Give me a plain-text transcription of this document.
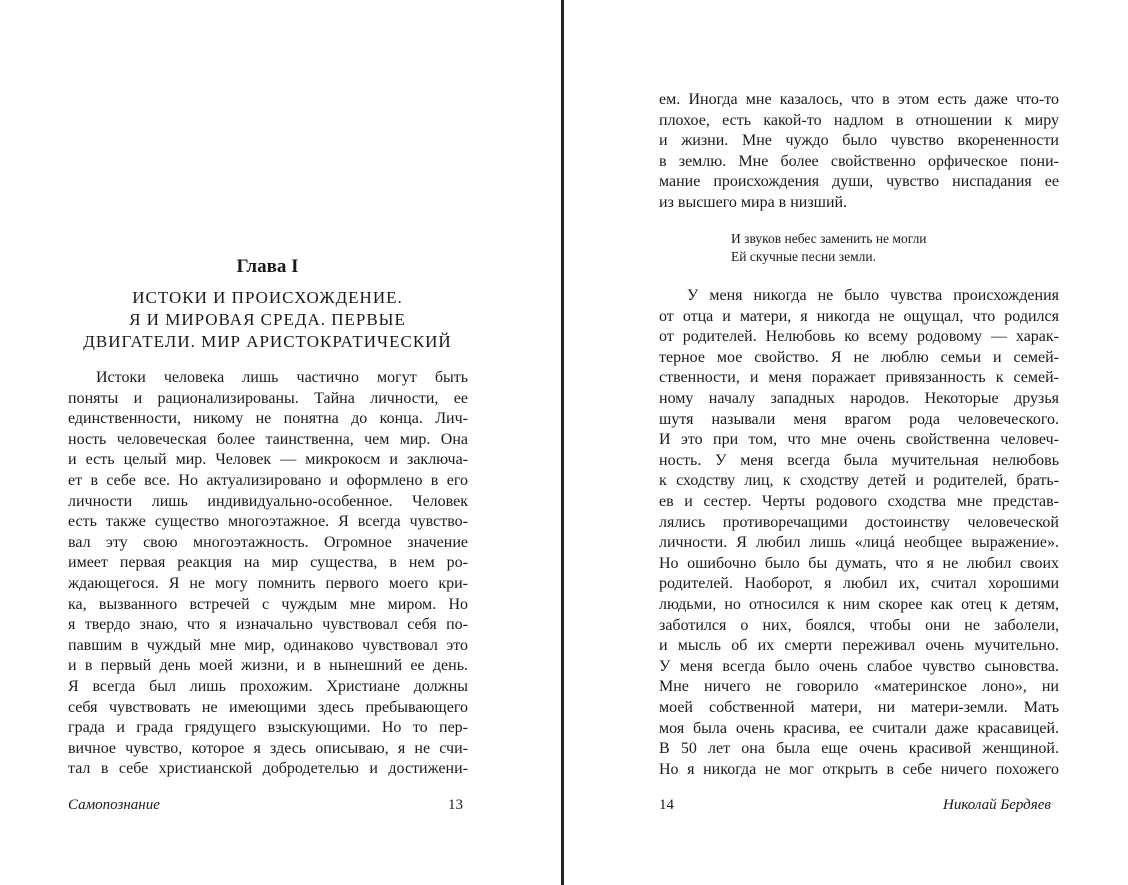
Глава I
ИСТОКИ И ПРОИСХОЖДЕНИЕ.
Я И МИРОВАЯ СРЕДА. ПЕРВЫЕ
ДВИГАТЕЛИ. МИР АРИСТОКРАТИЧЕСКИЙ
Истоки человека лишь частично могут быть
поняты и рационализированы. Тайна личности, ее
единственности, никому не понятна до конца. Лич-
ность человеческая более таинственна, чем мир. Она
и есть целый мир. Человек — микрокосм и заключа-
ет в себе все. Но актуализировано и оформлено в его
личности лишь индивидуально-особенное. Человек
есть также существо многоэтажное. Я всегда чувство-
вал эту свою многоэтажность. Огромное значение
имеет первая реакция на мир существа, в нем ро-
ждающегося. Я не могу помнить первого моего кри-
ка, вызванного встречей с чуждым мне миром. Но
я твердо знаю, что я изначально чувствовал себя по-
павшим в чуждый мне мир, одинаково чувствовал это
и в первый день моей жизни, и в нынешний ее день.
Я всегда был лишь прохожим. Христиане должны
себя чувствовать не имеющими здесь пребывающего
града и града грядущего взыскующими. Но то пер-
вичное чувство, которое я здесь описываю, я не счи-
тал в себе христианской добродетелью и достижени-
Самопознание	13
ем. Иногда мне казалось, что в этом есть даже что-то
плохое, есть какой-то надлом в отношении к миру
и жизни. Мне чуждо было чувство вкорененности
в землю. Мне более свойственно орфическое пони-
мание происхождения души, чувство ниспадания ее
из высшего мира в низший.
И звуков небес заменить не могли
Ей скучные песни земли.
У меня никогда не было чувства происхождения
от отца и матери, я никогда не ощущал, что родился
от родителей. Нелюбовь ко всему родовому — харак-
терное мое свойство. Я не люблю семьи и семей-
ственности, и меня поражает привязанность к семей-
ному началу западных народов. Некоторые друзья
шутя называли меня врагом рода человеческого.
И это при том, что мне очень свойственна человеч-
ность. У меня всегда была мучительная нелюбовь
к сходству лиц, к сходству детей и родителей, брать-
ев и сестер. Черты родового сходства мне представ-
лялись противоречащими достоинству человеческой
личности. Я любил лишь «лицá необщее выражение».
Но ошибочно было бы думать, что я не любил своих
родителей. Наоборот, я любил их, считал хорошими
людьми, но относился к ним скорее как отец к детям,
заботился о них, боялся, чтобы они не заболели,
и мысль об их смерти переживал очень мучительно.
У меня всегда было очень слабое чувство сыновства.
Мне ничего не говорило «материнское лоно», ни
моей собственной матери, ни матери-земли. Мать
моя была очень красива, ее считали даже красавицей.
В 50 лет она была еще очень красивой женщиной.
Но я никогда не мог открыть в себе ничего похожего
14	Николай Бердяев
